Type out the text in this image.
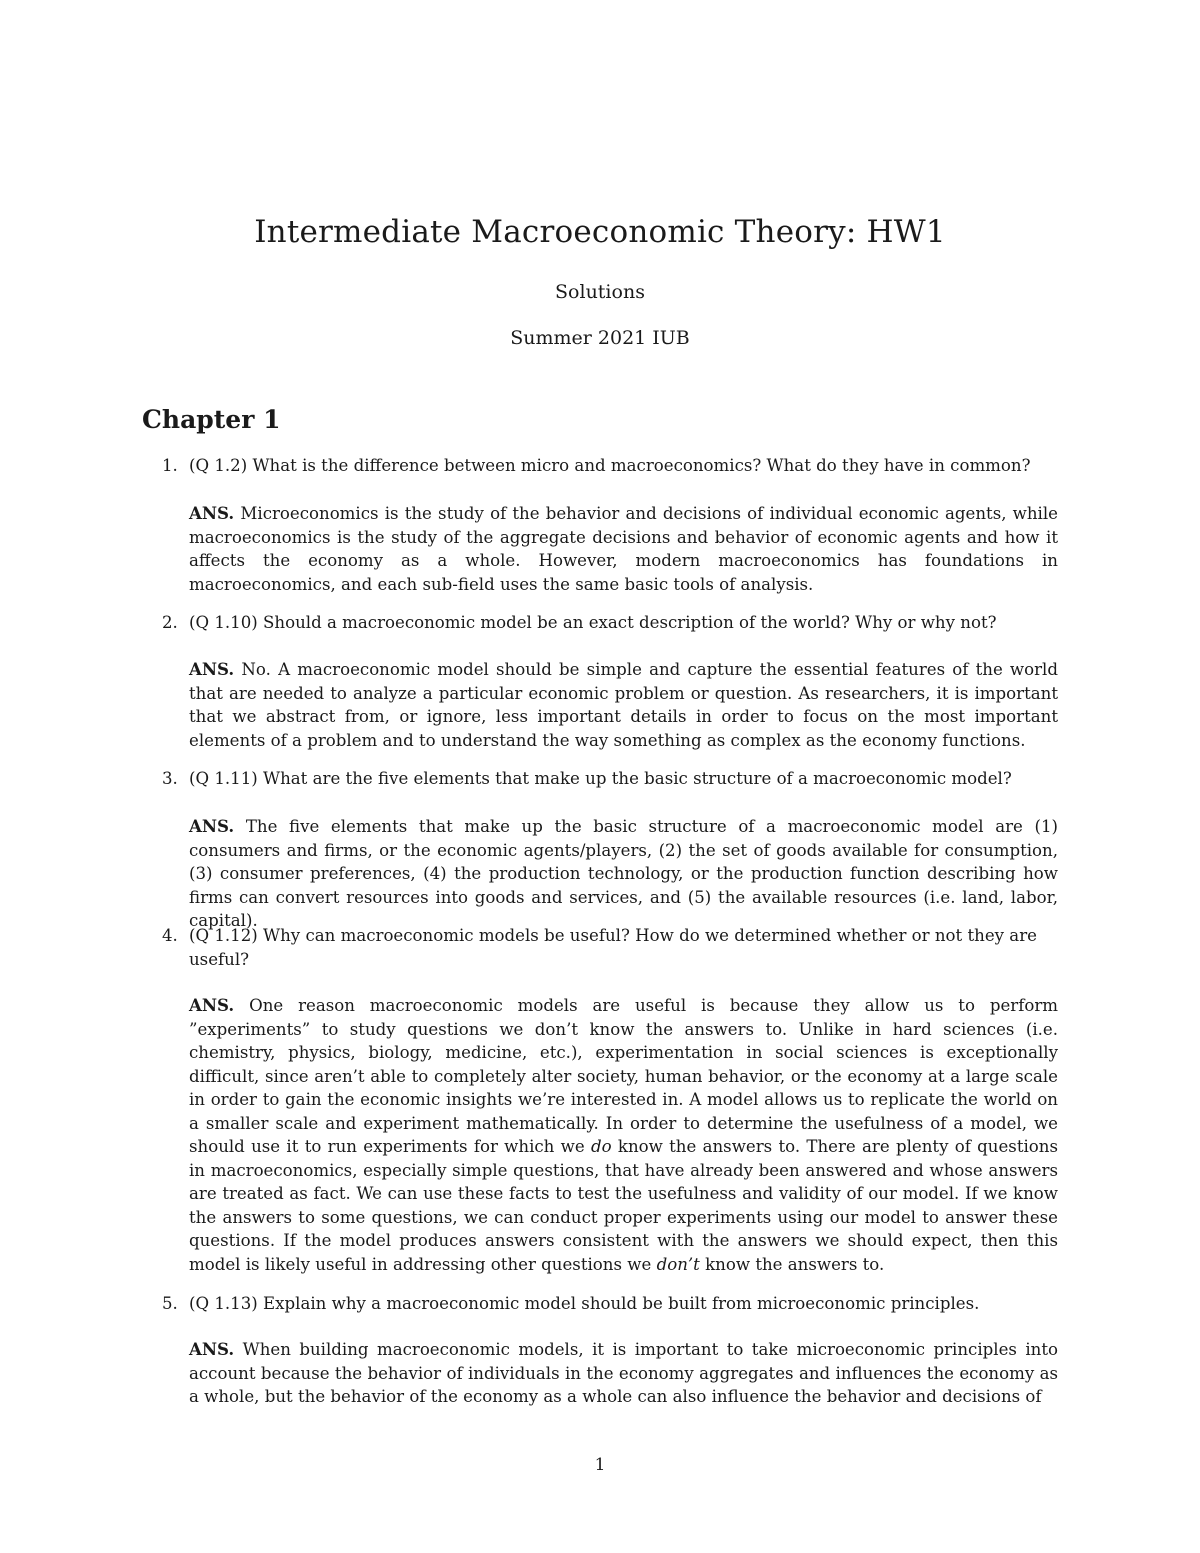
Intermediate Macroeconomic Theory: HW1
Solutions
Summer 2021 IUB
Chapter 1
1. (Q 1.2) What is the difference between micro and macroeconomics? What do they have in common?
ANS. Microeconomics is the study of the behavior and decisions of individual economic agents, while macroeconomics is the study of the aggregate decisions and behavior of economic agents and how it affects the economy as a whole. However, modern macroeconomics has foundations in macroeconomics, and each sub-field uses the same basic tools of analysis.
2. (Q 1.10) Should a macroeconomic model be an exact description of the world? Why or why not?
ANS. No. A macroeconomic model should be simple and capture the essential features of the world that are needed to analyze a particular economic problem or question. As researchers, it is important that we abstract from, or ignore, less important details in order to focus on the most important elements of a problem and to understand the way something as complex as the economy functions.
3. (Q 1.11) What are the five elements that make up the basic structure of a macroeconomic model?
ANS. The five elements that make up the basic structure of a macroeconomic model are (1) consumers and firms, or the economic agents/players, (2) the set of goods available for consumption, (3) consumer preferences, (4) the production technology, or the production function describing how firms can convert resources into goods and services, and (5) the available resources (i.e. land, labor, capital).
4. (Q 1.12) Why can macroeconomic models be useful? How do we determined whether or not they are useful?
ANS. One reason macroeconomic models are useful is because they allow us to perform ”experiments” to study questions we don’t know the answers to. Unlike in hard sciences (i.e. chemistry, physics, biology, medicine, etc.), experimentation in social sciences is exceptionally difficult, since aren’t able to completely alter society, human behavior, or the economy at a large scale in order to gain the economic insights we’re interested in. A model allows us to replicate the world on a smaller scale and experiment mathematically. In order to determine the usefulness of a model, we should use it to run experiments for which we do know the answers to. There are plenty of questions in macroeconomics, especially simple questions, that have already been answered and whose answers are treated as fact. We can use these facts to test the usefulness and validity of our model. If we know the answers to some questions, we can conduct proper experiments using our model to answer these questions. If the model produces answers consistent with the answers we should expect, then this model is likely useful in addressing other questions we don’t know the answers to.
5. (Q 1.13) Explain why a macroeconomic model should be built from microeconomic principles.
ANS. When building macroeconomic models, it is important to take microeconomic principles into account because the behavior of individuals in the economy aggregates and influences the economy as a whole, but the behavior of the economy as a whole can also influence the behavior and decisions of
1
